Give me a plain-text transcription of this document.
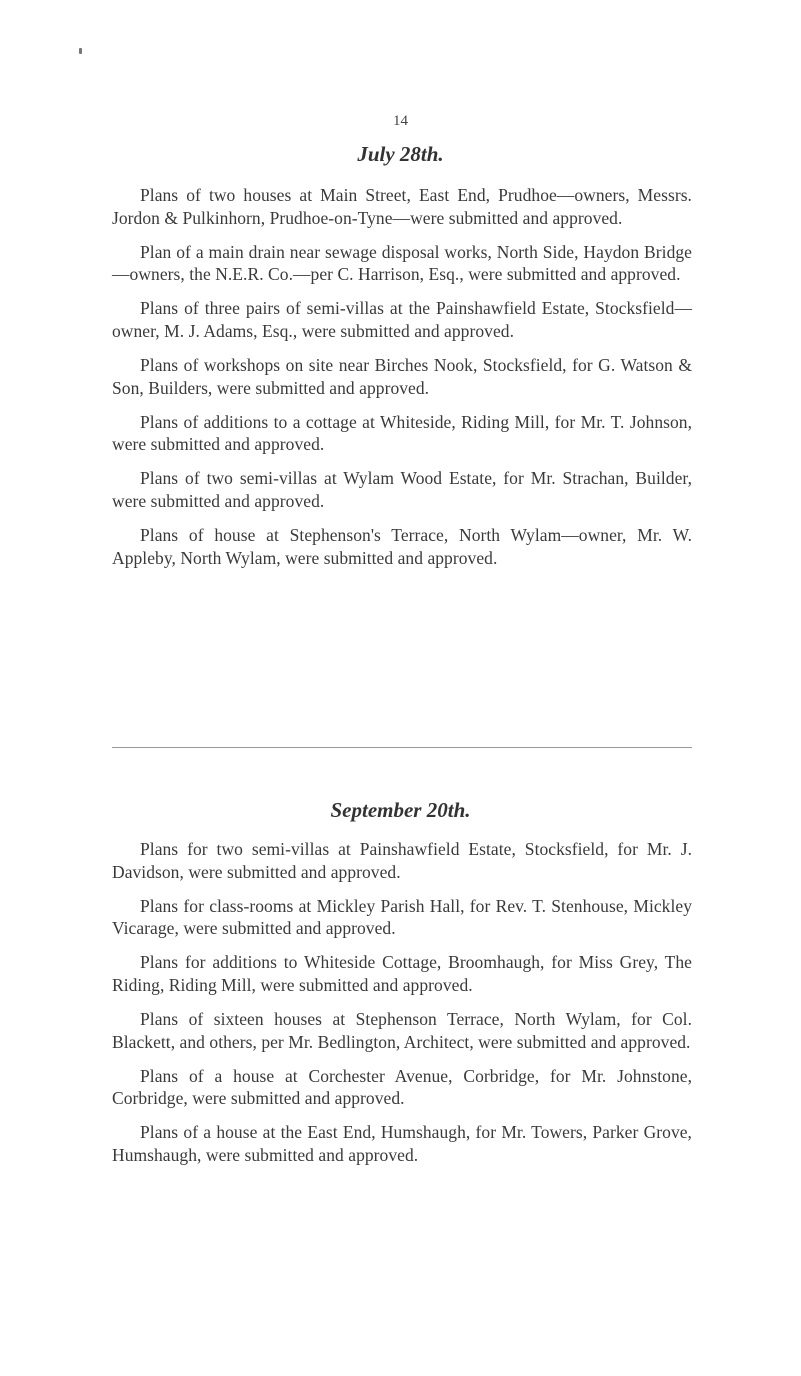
14
July 28th.

Plans of two houses at Main Street, East End, Prudhoe—owners, Messrs. Jordon & Pulkinhorn, Prudhoe-on-Tyne—were submitted and approved.

Plan of a main drain near sewage disposal works, North Side, Haydon Bridge—owners, the N.E.R. Co.—per C. Harrison, Esq., were submitted and approved.

Plans of three pairs of semi-villas at the Painshawfield Estate, Stocksfield—owner, M. J. Adams, Esq., were submitted and approved.

Plans of workshops on site near Birches Nook, Stocksfield, for G. Watson & Son, Builders, were submitted and approved.

Plans of additions to a cottage at Whiteside, Riding Mill, for Mr. T. Johnson, were submitted and approved.

Plans of two semi-villas at Wylam Wood Estate, for Mr. Strachan, Builder, were submitted and approved.

Plans of house at Stephenson's Terrace, North Wylam—owner, Mr. W. Appleby, North Wylam, were submitted and approved.

September 20th.

Plans for two semi-villas at Painshawfield Estate, Stocksfield, for Mr. J. Davidson, were submitted and approved.

Plans for class-rooms at Mickley Parish Hall, for Rev. T. Stenhouse, Mickley Vicarage, were submitted and approved.

Plans for additions to Whiteside Cottage, Broomhaugh, for Miss Grey, The Riding, Riding Mill, were submitted and approved.

Plans of sixteen houses at Stephenson Terrace, North Wylam, for Col. Blackett, and others, per Mr. Bedlington, Architect, were submitted and approved.

Plans of a house at Corchester Avenue, Corbridge, for Mr. Johnstone, Corbridge, were submitted and approved.

Plans of a house at the East End, Humshaugh, for Mr. Towers, Parker Grove, Humshaugh, were submitted and approved.
